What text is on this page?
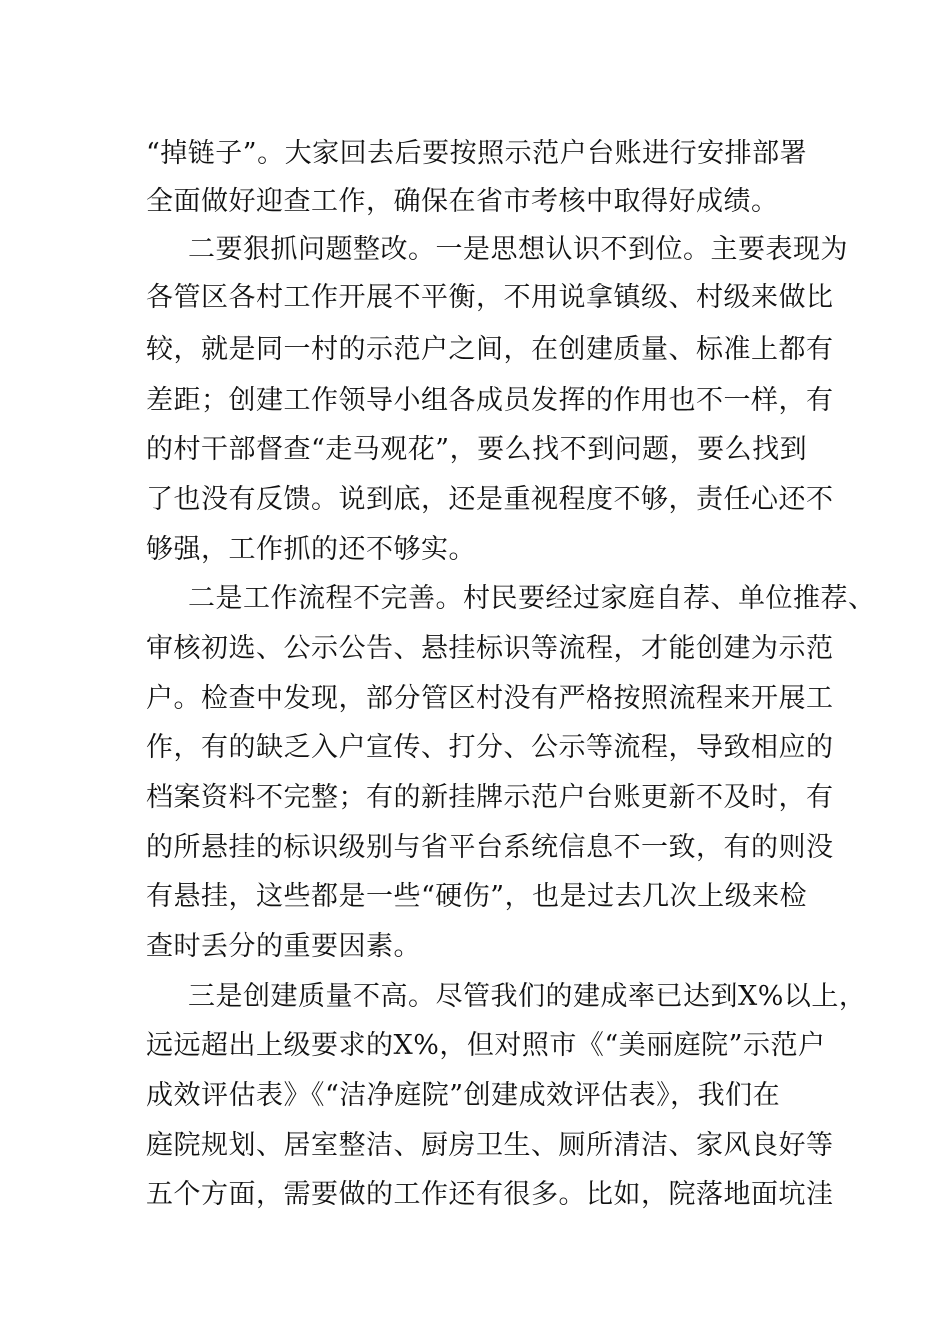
“掉链子”。大家回去后要按照示范户台账进行安排部署
全面做好迎查工作，确保在省市考核中取得好成绩。
二要狠抓问题整改。一是思想认识不到位。主要表现为
各管区各村工作开展不平衡，不用说拿镇级、村级来做比
较，就是同一村的示范户之间，在创建质量、标准上都有
差距；创建工作领导小组各成员发挥的作用也不一样，有
的村干部督查“走马观花”，要么找不到问题，要么找到
了也没有反馈。说到底，还是重视程度不够，责任心还不
够强，工作抓的还不够实。
二是工作流程不完善。村民要经过家庭自荐、单位推荐、
审核初选、公示公告、悬挂标识等流程，才能创建为示范
户。检查中发现，部分管区村没有严格按照流程来开展工
作，有的缺乏入户宣传、打分、公示等流程，导致相应的
档案资料不完整；有的新挂牌示范户台账更新不及时，有
的所悬挂的标识级别与省平台系统信息不一致，有的则没
有悬挂，这些都是一些“硬伤”，也是过去几次上级来检
查时丢分的重要因素。
三是创建质量不高。尽管我们的建成率已达到X%以上，
远远超出上级要求的X%，但对照市《“美丽庭院”示范户
成效评估表》《“洁净庭院”创建成效评估表》，我们在
庭院规划、居室整洁、厨房卫生、厕所清洁、家风良好等
五个方面，需要做的工作还有很多。比如，院落地面坑洼
